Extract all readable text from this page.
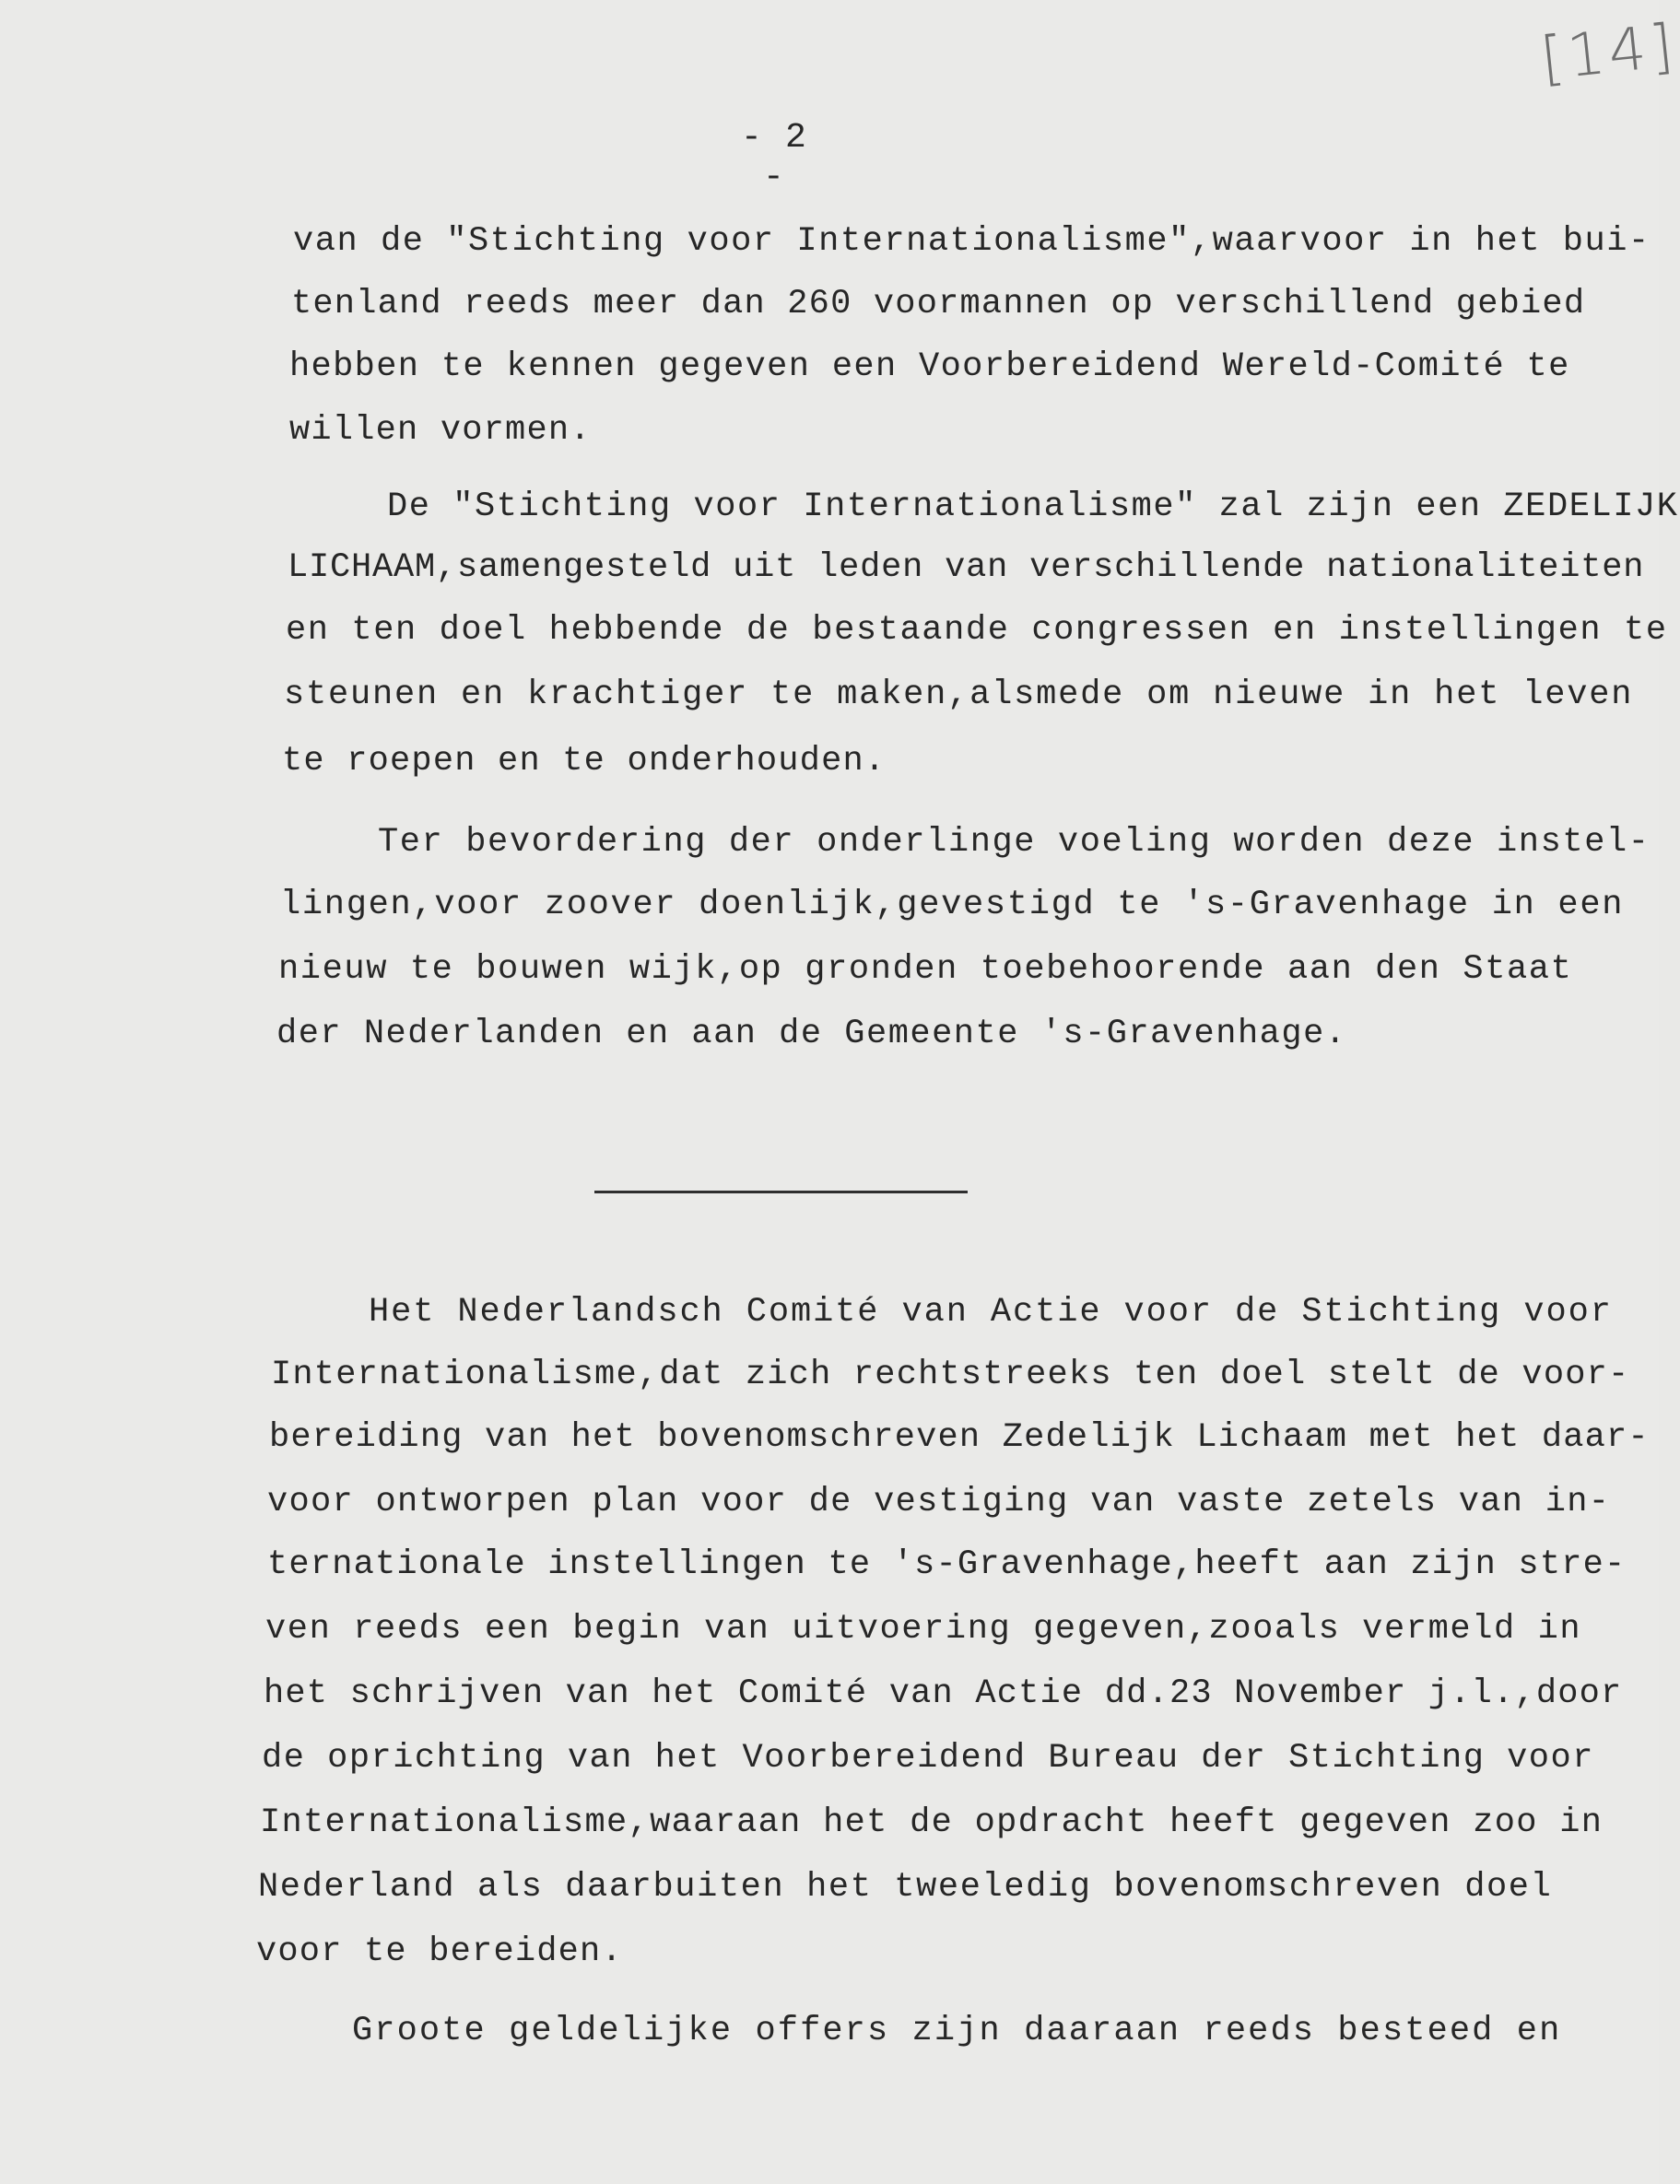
[14]
- 2 -
van de "Stichting voor Internationalisme",waarvoor in het bui-
tenland reeds meer dan 260 voormannen op verschillend gebied
hebben te kennen gegeven een Voorbereidend Wereld-Comité te
willen vormen.
De "Stichting voor Internationalisme" zal zijn een ZEDELIJK
LICHAAM,samengesteld uit leden van verschillende nationaliteiten
en ten doel hebbende de bestaande congressen en instellingen te
steunen en krachtiger te maken,alsmede om nieuwe in het leven
te roepen en te onderhouden.
Ter bevordering der onderlinge voeling worden deze instel-
lingen,voor zoover doenlijk,gevestigd te 's-Gravenhage in een
nieuw te bouwen wijk,op gronden toebehoorende aan den Staat
der Nederlanden en aan de Gemeente 's-Gravenhage.
Het Nederlandsch Comité van Actie voor de Stichting voor
Internationalisme,dat zich rechtstreeks ten doel stelt de voor-
bereiding van het bovenomschreven Zedelijk Lichaam met het daar-
voor ontworpen plan voor de vestiging van vaste zetels van in-
ternationale instellingen te 's-Gravenhage,heeft aan zijn stre-
ven reeds een begin van uitvoering gegeven,zooals vermeld in
het schrijven van het Comité van Actie dd.23 November j.l.,door
de oprichting van het Voorbereidend Bureau der Stichting voor
Internationalisme,waaraan het de opdracht heeft gegeven zoo in
Nederland als daarbuiten het tweeledig bovenomschreven doel
voor te bereiden.
Groote geldelijke offers zijn daaraan reeds besteed en
